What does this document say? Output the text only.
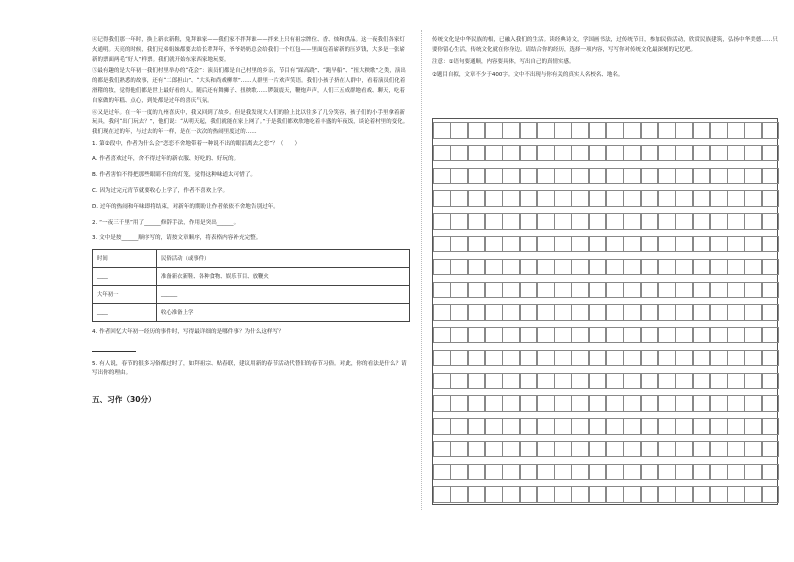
④记得我们那一年时，换上新衣新鞋，兔拜谁家——我们家不拌拜谁——拌来上只有祖宗牌位、香、烛和供品。这一夜我们各家灯火通明。天亮的时候，我们兄弟姐妹都要去给长辈拜年，爷爷奶奶总会给我们一个红包——里面包着崭新的压岁钱，大多是一张崭新的票面两毛“好人”样票。我们就开始东家西家地玩耍。

⑤最有趣的是大年初一我们村里举办的“花会”：演员们都是自己村里的乡亲，节目有“踩高跷”、“跑旱船”、“扭大秧歌”之类，演出的都是我们熟悉的故事，还有“二郎担山”、“大头和尚戏柳翠”……人群里一片欢声笑语。我们小孩子挤在人群中，看着演员们化着滑稽的妆，觉得他们都是世上最好看的人。随后还有舞狮子、扭秧歌……锣鼓震天，鞭炮声声，人们三五成群地看戏、聊天，吃着自家做的年糕、点心，到处都是过年的喜庆气氛。

⑥又是过年。在一年一度的九州喜庆中，我又回到了故乡。但是我发现大人们的脸上比以往多了几分笑容，孩子们的小手里拿着新玩具，我问“出门玩去？”，他们说：“从明天起，我们就能在家上网了。”于是我们都欢欣地吃着丰盛的年夜饭，谈论着村里的变化。我们现在过的年，与过去的年一样，是在一次次的热闹里度过的……

1. 第②段中，作者为什么会“恋恋不舍地带着一种说不出的眼泪离去之恋”？（　　）

A. 作者喜欢过年，舍不得过年的新衣服、好吃的、好玩的。

B. 作者害怕不得把那些眼睛不住的灯笼，觉得这种味道太可惜了。

C. 因为过完元宵节就要收心上学了，作者不喜欢上学。

D. 过年的热闹和年味即将结束，对新年的期盼让作者依依不舍地告别过年。

2. “一夜三千里”用了______修辞手法，作用是突出______。

3. 文中是按______顺序写的，请按文章顺序，将表格内容补充完整。

时间	民俗活动（或事件）
____	准备新衣新鞋、各种食物、娱乐节目、放鞭火
大年初一	______
____	收心准备上学

4. 作者回忆大年初一经历的事件时，写得最详细的是哪件事？为什么这样写？

5. 有人说，春节的很多习俗都过时了，如拜祖宗、贴春联，建议用新的春节活动代替旧的春节习俗。对此，你的看法是什么？请写出你的理由。

五、习作（30分）

传统文化是中华民族的根，已融入我们的生活。读经典诗文，学国画书法，过传统节日，参加民俗活动，欣赏民族建筑，弘扬中华美德……只要你留心生活，传统文化就在你身边。请结合你的经历，选择一项内容，写写你对传统文化最深刻的记忆吧。

注意：①语句要通顺，内容要具体，写出自己的真情实感。

②题目自拟，文章不少于400字。文中不出现与你有关的真实人名校名、地名。
